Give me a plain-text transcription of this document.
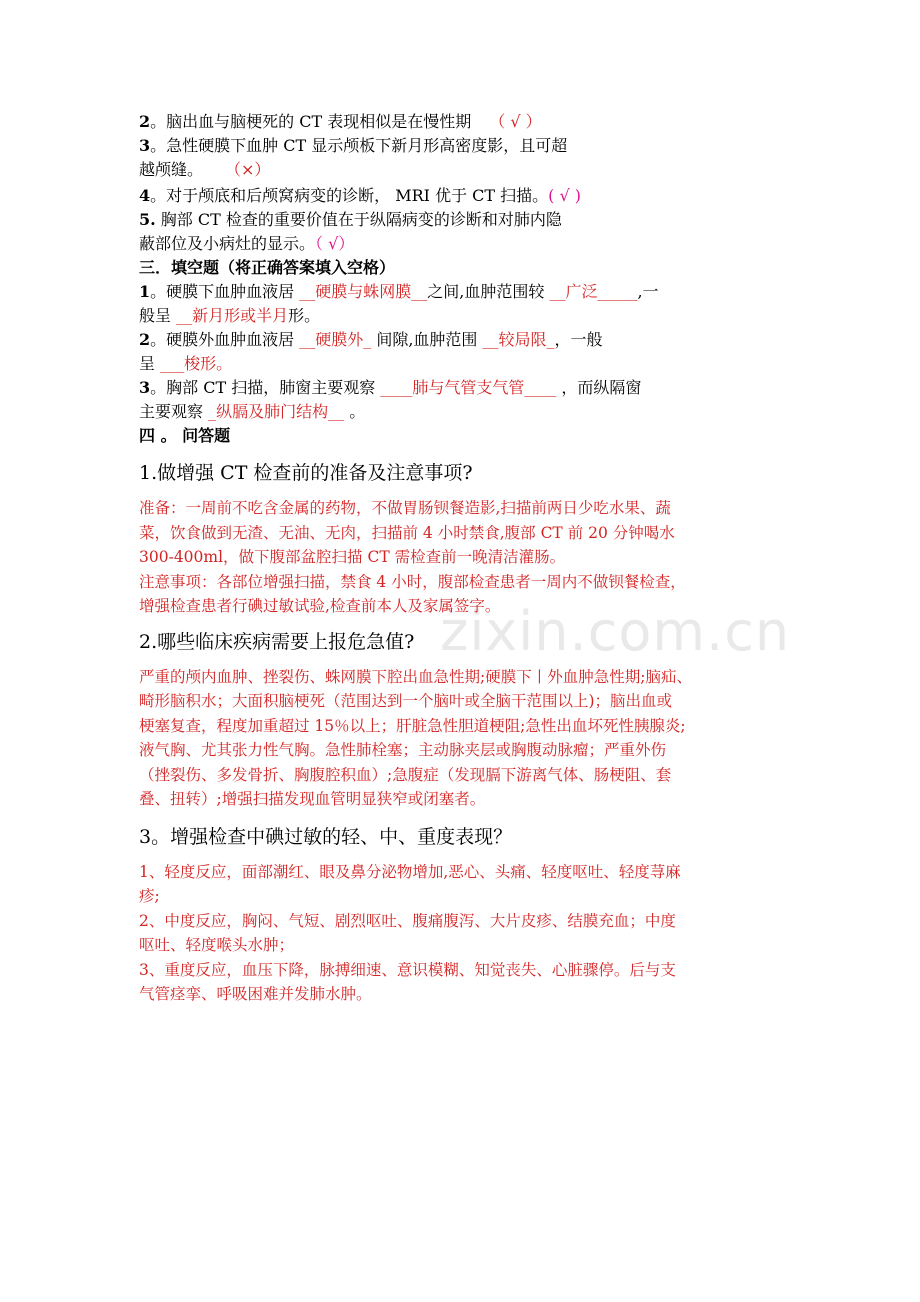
zixin.com.cn
2。脑出血与脑梗死的 CT 表现相似是在慢性期 （ √ ）
3。急性硬膜下血肿 CT 显示颅板下新月形高密度影，且可超
越颅缝。 （×）
4。对于颅底和后颅窝病变的诊断， MRI 优于 CT 扫描。( √ )
5. 胸部 CT 检查的重要价值在于纵隔病变的诊断和对肺内隐
蔽部位及小病灶的显示。（ √）
三．填空题（将正确答案填入空格）
1。硬膜下血肿血液居 __硬膜与蛛网膜__之间,血肿范围较 __广泛_____,一
般呈 __新月形或半月形。
2。硬膜外血肿血液居 __硬膜外_ 间隙,血肿范围 __较局限_，一般
呈 ___梭形。
3。胸部 CT 扫描，肺窗主要观察 ____肺与气管支气管____ ，而纵隔窗
主要观察 _纵膈及肺门结构__ 。
四 。 问答题
1.做增强 CT 检查前的准备及注意事项?
准备：一周前不吃含金属的药物，不做胃肠钡餐造影,扫描前两日少吃水果、蔬
菜，饮食做到无渣、无油、无肉，扫描前 4 小时禁食,腹部 CT 前 20 分钟喝水
300-400ml，做下腹部盆腔扫描 CT 需检查前一晚清洁灌肠。
注意事项：各部位增强扫描，禁食 4 小时，腹部检查患者一周内不做钡餐检查，
增强检查患者行碘过敏试验,检查前本人及家属签字。
2.哪些临床疾病需要上报危急值?
严重的颅内血肿、挫裂伤、蛛网膜下腔出血急性期;硬膜下丨外血肿急性期;脑疝、
畸形脑积水；大面积脑梗死（范围达到一个脑叶或全脑干范围以上)；脑出血或
梗塞复查，程度加重超过 15％以上；肝脏急性胆道梗阻;急性出血坏死性胰腺炎;
液气胸、尤其张力性气胸。急性肺栓塞；主动脉夹层或胸腹动脉瘤；严重外伤
（挫裂伤、多发骨折、胸腹腔积血）;急腹症（发现膈下游离气体、肠梗阻、套
叠、扭转）;增强扫描发现血管明显狭窄或闭塞者。
3。增强检查中碘过敏的轻、中、重度表现？
1、轻度反应，面部潮红、眼及鼻分泌物增加,恶心、头痛、轻度呕吐、轻度荨麻
疹;
2、中度反应，胸闷、气短、剧烈呕吐、腹痛腹泻、大片皮疹、结膜充血；中度
呕吐、轻度喉头水肿；
3、重度反应，血压下降，脉搏细速、意识模糊、知觉丧失、心脏骤停。后与支
气管痉挛、呼吸困难并发肺水肿。
